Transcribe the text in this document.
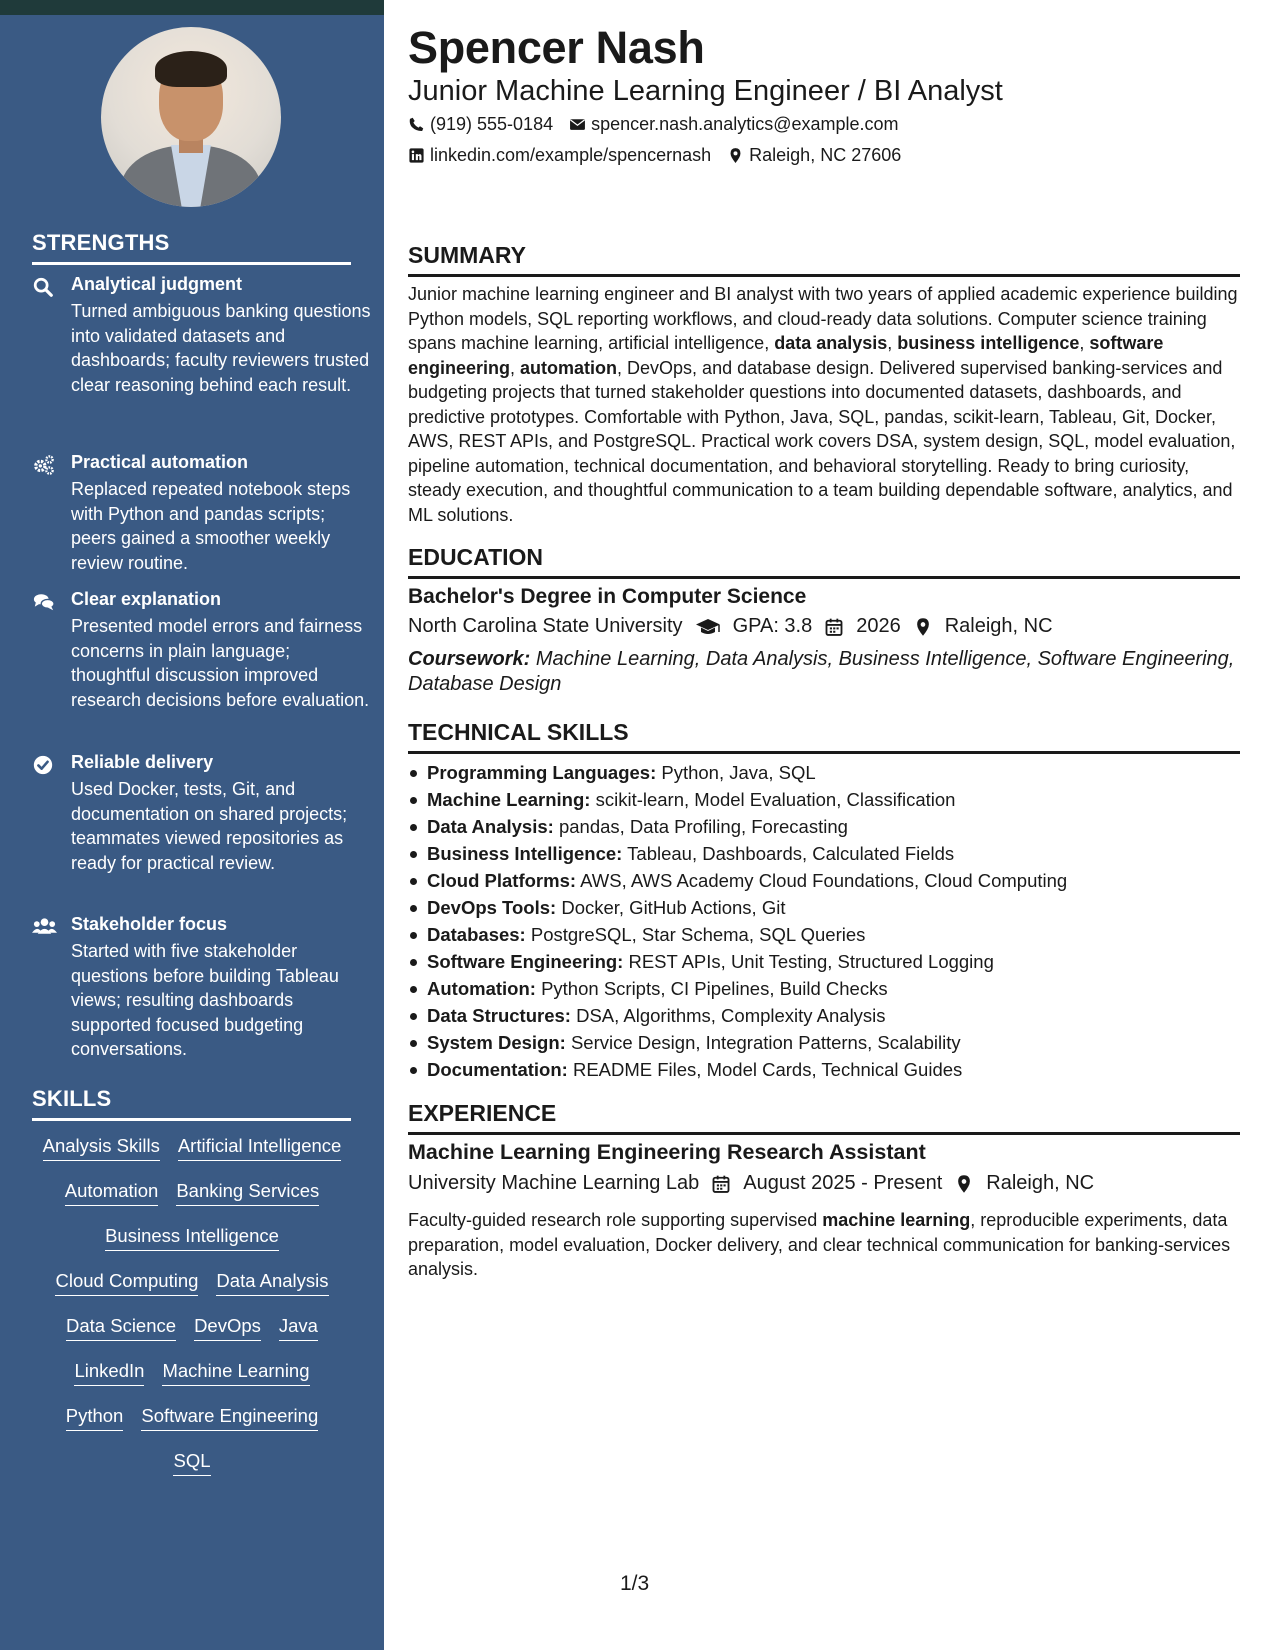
STRENGTHS
Analytical judgment
Turned ambiguous banking questions into validated datasets and dashboards; faculty reviewers trusted clear reasoning behind each result.
Practical automation
Replaced repeated notebook steps with Python and pandas scripts; peers gained a smoother weekly review routine.
Clear explanation
Presented model errors and fairness concerns in plain language; thoughtful discussion improved research decisions before evaluation.
Reliable delivery
Used Docker, tests, Git, and documentation on shared projects; teammates viewed repositories as ready for practical review.
Stakeholder focus
Started with five stakeholder questions before building Tableau views; resulting dashboards supported focused budgeting conversations.
SKILLS
Analysis Skills Artificial Intelligence
Automation Banking Services
Business Intelligence
Cloud Computing Data Analysis
Data Science DevOps Java
LinkedIn Machine Learning
Python Software Engineering
SQL
Spencer Nash
Junior Machine Learning Engineer / BI Analyst
(919) 555-0184 spencer.nash.analytics@example.com
linkedin.com/example/spencernash Raleigh, NC 27606
SUMMARY
Junior machine learning engineer and BI analyst with two years of applied academic experience building Python models, SQL reporting workflows, and cloud-ready data solutions. Computer science training spans machine learning, artificial intelligence, data analysis, business intelligence, software engineering, automation, DevOps, and database design. Delivered supervised banking-services and budgeting projects that turned stakeholder questions into documented datasets, dashboards, and predictive prototypes. Comfortable with Python, Java, SQL, pandas, scikit-learn, Tableau, Git, Docker, AWS, REST APIs, and PostgreSQL. Practical work covers DSA, system design, SQL, model evaluation, pipeline automation, technical documentation, and behavioral storytelling. Ready to bring curiosity, steady execution, and thoughtful communication to a team building dependable software, analytics, and ML solutions.
EDUCATION
Bachelor's Degree in Computer Science
North Carolina State University	GPA: 3.8 2026 Raleigh, NC
Coursework: Machine Learning, Data Analysis, Business Intelligence, Software Engineering, Database Design
TECHNICAL SKILLS
Programming Languages: Python, Java, SQL
Machine Learning: scikit-learn, Model Evaluation, Classification
Data Analysis: pandas, Data Profiling, Forecasting
Business Intelligence: Tableau, Dashboards, Calculated Fields
Cloud Platforms: AWS, AWS Academy Cloud Foundations, Cloud Computing
DevOps Tools: Docker, GitHub Actions, Git
Databases: PostgreSQL, Star Schema, SQL Queries
Software Engineering: REST APIs, Unit Testing, Structured Logging
Automation: Python Scripts, CI Pipelines, Build Checks
Data Structures: DSA, Algorithms, Complexity Analysis
System Design: Service Design, Integration Patterns, Scalability
Documentation: README Files, Model Cards, Technical Guides
EXPERIENCE
Machine Learning Engineering Research Assistant
University Machine Learning Lab August 2025 - Present Raleigh, NC
Faculty-guided research role supporting supervised machine learning, reproducible experiments, data preparation, model evaluation, Docker delivery, and clear technical communication for banking-services analysis.
1/3
